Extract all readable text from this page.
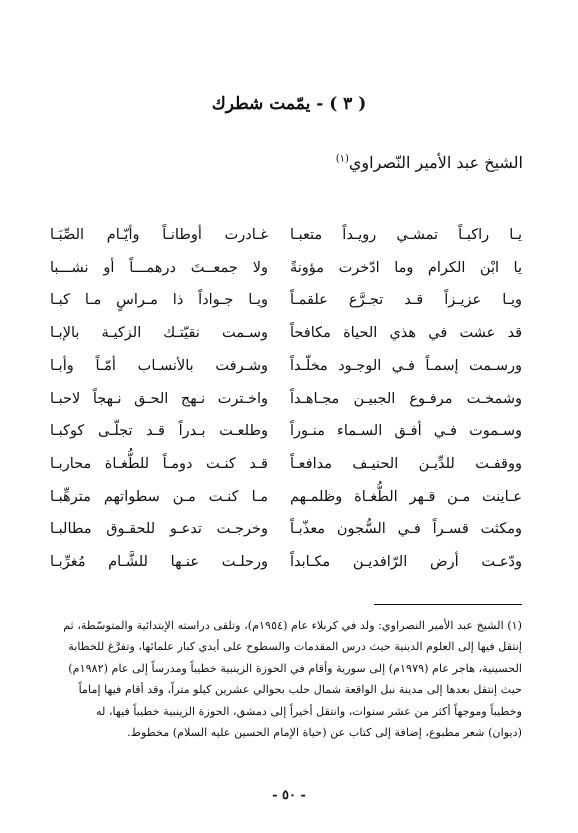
( ٣ ) - يمّمت شطرك
الشيخ عبد الأمير النّصراوي$^{(١)}$
يـا راكبـاً تمشـي رويـداً متعبـا
غـادرت أوطانـاً وأيّـام الصِّبَـا
يا ابْن الكرام وما ادّخرت مؤونةً
ولا جمعــتَ درهمـــاً أو نشـــبا
ويـا عزيـزاً قـد تجـرَّع علقمـاً
ويـا جـواداً ذا مـراسٍ مـا كبـا
قد عشت في هذي الحياة مكافحاً
وسـمت نقيّتـك الزكيـة بالإبـا
ورسـمت إسمـاً فـي الوجـود مخلّـداً
وشـرفت بالأنسـاب أمّـاً وأبـا
وشمخـت مرفـوع الجبيـن مجـاهـداً
واخـترت نـهج الحـق نـهجاً لاحبـا
وسـموت فـي أفـق السـماء منـوراً
وطلعـت بـدراً قـد تجلّـى كوكبـا
ووقفـت للدِّيـن الحنيـف مدافعـاً
قـد كنـت دومـاً للطُّغـاة محاربـا
عـاينت مـن قـهر الطُّغـاة وظلمـهم
مـا كنـت مـن سطواتهم مترهِّبـا
ومكثت قسـراً فـي السُّجون معذّبـاً
وخرجـت تدعـو للحقـوق مطالبـا
ودّعـت أرض الرّافديـن مكـابداً
ورحلـت عنـها للشَّـام مُغرِّبـا
(١) الشيخ عبد الأمير النصراوي: ولد في كربلاء عام (١٩٥٤م)، وتلقى دراسته الإبتدائية والمتوسّطة، ثم
إنتقل فيها إلى العلوم الدينية حيث درس المقدمات والسطوح على أيدي كبار علمائها، وتفرَّغ للخطابة
الحسينية، هاجر عام (١٩٧٩م) إلى سورية وأقام في الحوزة الزينبية خطيباً ومدرساً إلى عام (١٩٨٢م)
حيث إنتقل بعدها إلى مدينة نبل الواقعة شمال حلب بحوالي عشرين كيلو متراً، وقد أقام فيها إماماً
وخطيباً وموجهاً أكثر من عشر سنوات، وانتقل أخيراً إلى دمشق، الحوزة الزينبية خطيباً فيها، له
(ديوان) شعر مطبوع، إضافة إلى كتاب عن (حياة الإمام الحسين عليه السلام) مخطوط.
- ٥٠ -
